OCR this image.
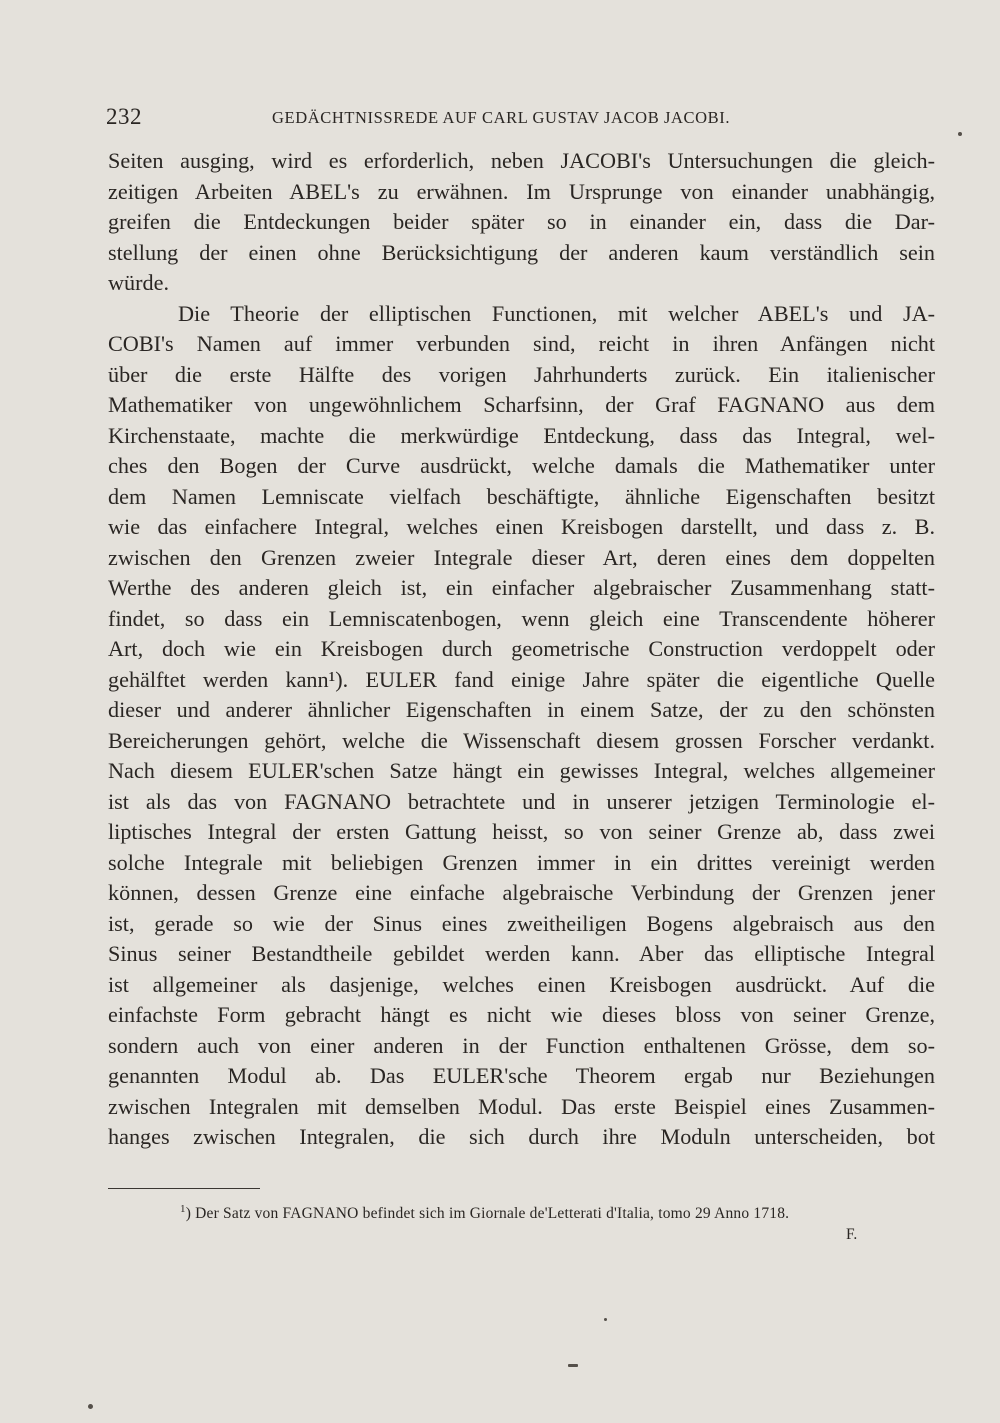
232	GEDÄCHTNISSREDE AUF CARL GUSTAV JACOB JACOBI.
Seiten ausging, wird es erforderlich, neben JACOBI's Untersuchungen die gleich-
zeitigen Arbeiten ABEL's zu erwähnen. Im Ursprunge von einander unabhängig,
greifen die Entdeckungen beider später so in einander ein, dass die Dar-
stellung der einen ohne Berücksichtigung der anderen kaum verständlich sein
würde.
Die Theorie der elliptischen Functionen, mit welcher ABEL's und JA-
COBI's Namen auf immer verbunden sind, reicht in ihren Anfängen nicht
über die erste Hälfte des vorigen Jahrhunderts zurück. Ein italienischer
Mathematiker von ungewöhnlichem Scharfsinn, der Graf FAGNANO aus dem
Kirchenstaate, machte die merkwürdige Entdeckung, dass das Integral, wel-
ches den Bogen der Curve ausdrückt, welche damals die Mathematiker unter
dem Namen Lemniscate vielfach beschäftigte, ähnliche Eigenschaften besitzt
wie das einfachere Integral, welches einen Kreisbogen darstellt, und dass z. B.
zwischen den Grenzen zweier Integrale dieser Art, deren eines dem doppelten
Werthe des anderen gleich ist, ein einfacher algebraischer Zusammenhang statt-
findet, so dass ein Lemniscatenbogen, wenn gleich eine Transcendente höherer
Art, doch wie ein Kreisbogen durch geometrische Construction verdoppelt oder
gehälftet werden kann¹). EULER fand einige Jahre später die eigentliche Quelle
dieser und anderer ähnlicher Eigenschaften in einem Satze, der zu den schönsten
Bereicherungen gehört, welche die Wissenschaft diesem grossen Forscher verdankt.
Nach diesem EULER'schen Satze hängt ein gewisses Integral, welches allgemeiner
ist als das von FAGNANO betrachtete und in unserer jetzigen Terminologie el-
liptisches Integral der ersten Gattung heisst, so von seiner Grenze ab, dass zwei
solche Integrale mit beliebigen Grenzen immer in ein drittes vereinigt werden
können, dessen Grenze eine einfache algebraische Verbindung der Grenzen jener
ist, gerade so wie der Sinus eines zweitheiligen Bogens algebraisch aus den
Sinus seiner Bestandtheile gebildet werden kann. Aber das elliptische Integral
ist allgemeiner als dasjenige, welches einen Kreisbogen ausdrückt. Auf die
einfachste Form gebracht hängt es nicht wie dieses bloss von seiner Grenze,
sondern auch von einer anderen in der Function enthaltenen Grösse, dem so-
genannten Modul ab. Das EULER'sche Theorem ergab nur Beziehungen
zwischen Integralen mit demselben Modul. Das erste Beispiel eines Zusammen-
hanges zwischen Integralen, die sich durch ihre Moduln unterscheiden, bot
$^1$) Der Satz von FAGNANO befindet sich im Giornale de'Letterati d'Italia, tomo 29 Anno 1718.
F.
